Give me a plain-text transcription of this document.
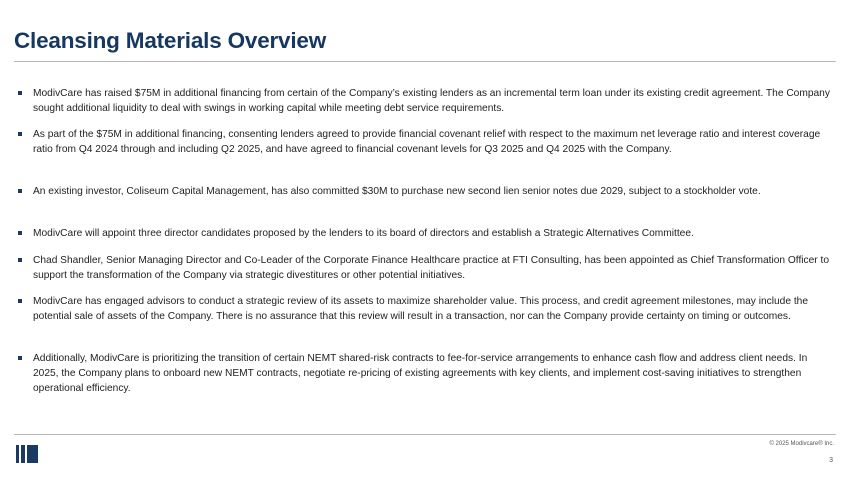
Cleansing Materials Overview
ModivCare has raised $75M in additional financing from certain of the Company’s existing lenders as an incremental term loan under its existing credit agreement. The Company sought additional liquidity to deal with swings in working capital while meeting debt service requirements.
As part of the $75M in additional financing, consenting lenders agreed to provide financial covenant relief with respect to the maximum net leverage ratio and interest coverage ratio from Q4 2024 through and including Q2 2025, and have agreed to financial covenant levels for Q3 2025 and Q4 2025 with the Company.
An existing investor, Coliseum Capital Management, has also committed $30M to purchase new second lien senior notes due 2029, subject to a stockholder vote.
ModivCare will appoint three director candidates proposed by the lenders to its board of directors and establish a Strategic Alternatives Committee.
Chad Shandler, Senior Managing Director and Co-Leader of the Corporate Finance Healthcare practice at FTI Consulting, has been appointed as Chief Transformation Officer to support the transformation of the Company via strategic divestitures or other potential initiatives.
ModivCare has engaged advisors to conduct a strategic review of its assets to maximize shareholder value. This process, and credit agreement milestones, may include the potential sale of assets of the Company. There is no assurance that this review will result in a transaction, nor can the Company provide certainty on timing or outcomes.
Additionally, ModivCare is prioritizing the transition of certain NEMT shared-risk contracts to fee-for-service arrangements to enhance cash flow and address client needs. In 2025, the Company plans to onboard new NEMT contracts, negotiate re-pricing of existing agreements with key clients, and implement cost-saving initiatives to strengthen operational efficiency.
© 2025 Modivcare® Inc.
3
